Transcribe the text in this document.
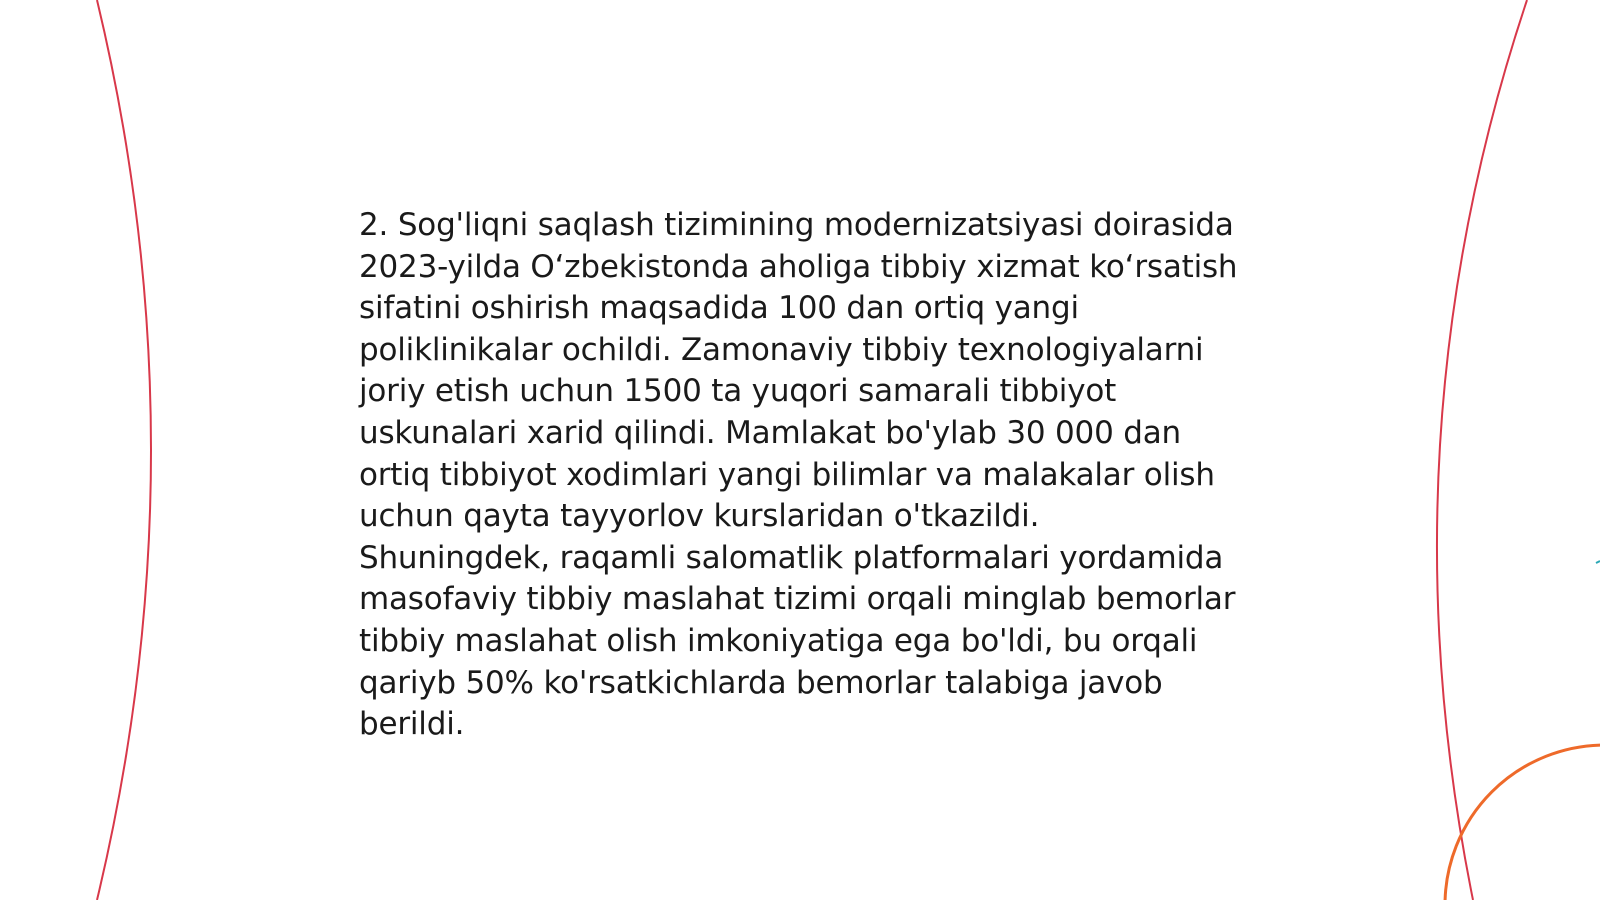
2. Sog'liqni saqlash tizimining modernizatsiyasi doirasida 2023-yilda O‘zbekistonda aholiga tibbiy xizmat ko‘rsatish sifatini oshirish maqsadida 100 dan ortiq yangi poliklinikalar ochildi. Zamonaviy tibbiy texnologiyalarni joriy etish uchun 1500 ta yuqori samarali tibbiyot uskunalari xarid qilindi. Mamlakat bo'ylab 30 000 dan ortiq tibbiyot xodimlari yangi bilimlar va malakalar olish uchun qayta tayyorlov kurslaridan o'tkazildi. Shuningdek, raqamli salomatlik platformalari yordamida masofaviy tibbiy maslahat tizimi orqali minglab bemorlar tibbiy maslahat olish imkoniyatiga ega bo'ldi, bu orqali qariyb 50% ko'rsatkichlarda bemorlar talabiga javob berildi.
